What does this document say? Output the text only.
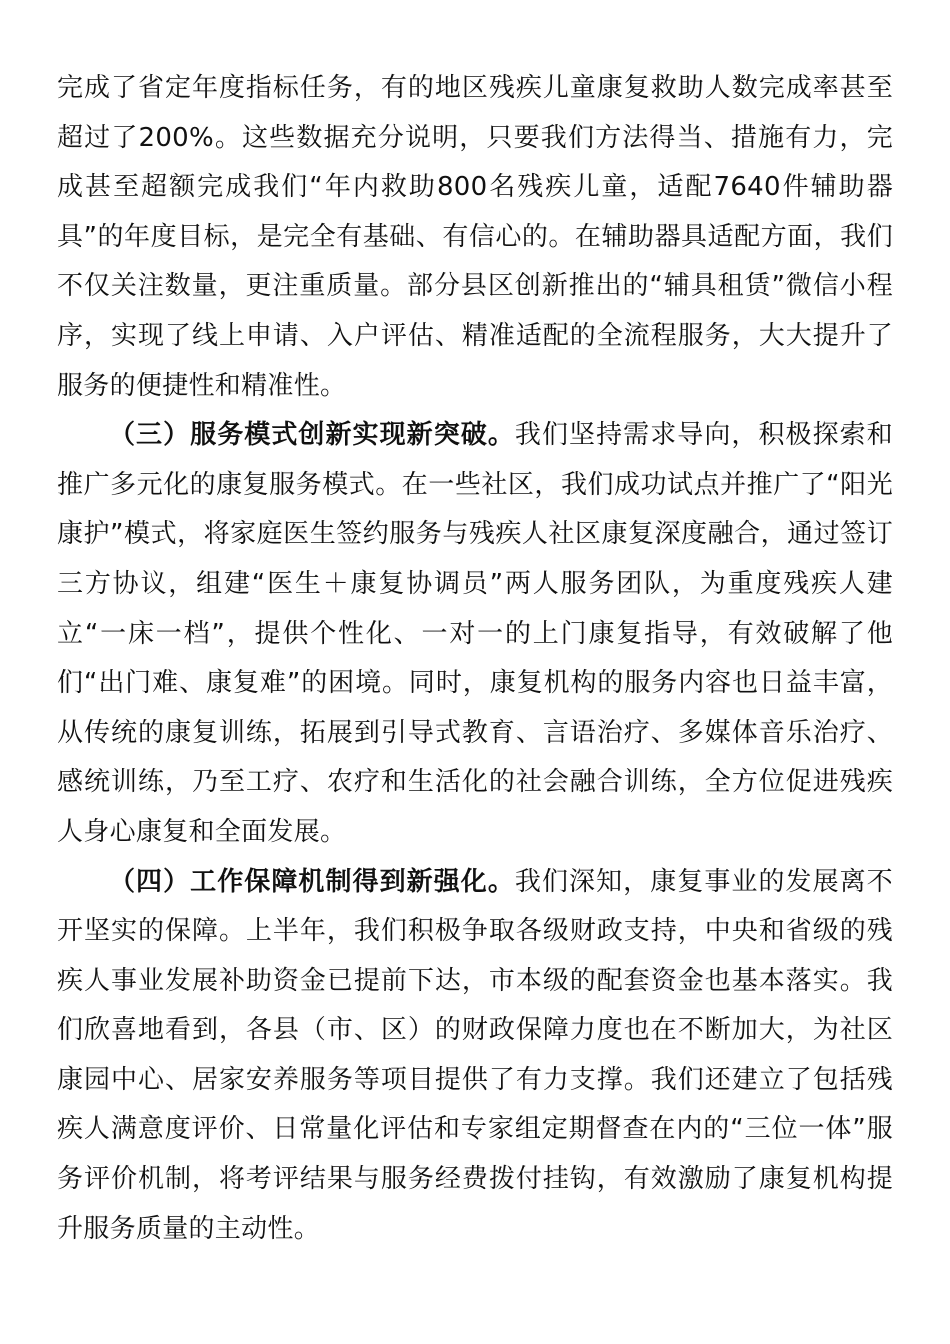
完成了省定年度指标任务，有的地区残疾儿童康复救助人数完成率甚至超过了200%。这些数据充分说明，只要我们方法得当、措施有力，完成甚至超额完成我们“年内救助800名残疾儿童，适配7640件辅助器具”的年度目标，是完全有基础、有信心的。在辅助器具适配方面，我们不仅关注数量，更注重质量。部分县区创新推出的“辅具租赁”微信小程序，实现了线上申请、入户评估、精准适配的全流程服务，大大提升了服务的便捷性和精准性。

（三）服务模式创新实现新突破。我们坚持需求导向，积极探索和推广多元化的康复服务模式。在一些社区，我们成功试点并推广了“阳光康护”模式，将家庭医生签约服务与残疾人社区康复深度融合，通过签订三方协议，组建“医生＋康复协调员”两人服务团队，为重度残疾人建立“一床一档”，提供个性化、一对一的上门康复指导，有效破解了他们“出门难、康复难”的困境。同时，康复机构的服务内容也日益丰富，从传统的康复训练，拓展到引导式教育、言语治疗、多媒体音乐治疗、感统训练，乃至工疗、农疗和生活化的社会融合训练，全方位促进残疾人身心康复和全面发展。

（四）工作保障机制得到新强化。我们深知，康复事业的发展离不开坚实的保障。上半年，我们积极争取各级财政支持，中央和省级的残疾人事业发展补助资金已提前下达，市本级的配套资金也基本落实。我们欣喜地看到，各县（市、区）的财政保障力度也在不断加大，为社区康园中心、居家安养服务等项目提供了有力支撑。我们还建立了包括残疾人满意度评价、日常量化评估和专家组定期督查在内的“三位一体”服务评价机制，将考评结果与服务经费拨付挂钩，有效激励了康复机构提升服务质量的主动性。
